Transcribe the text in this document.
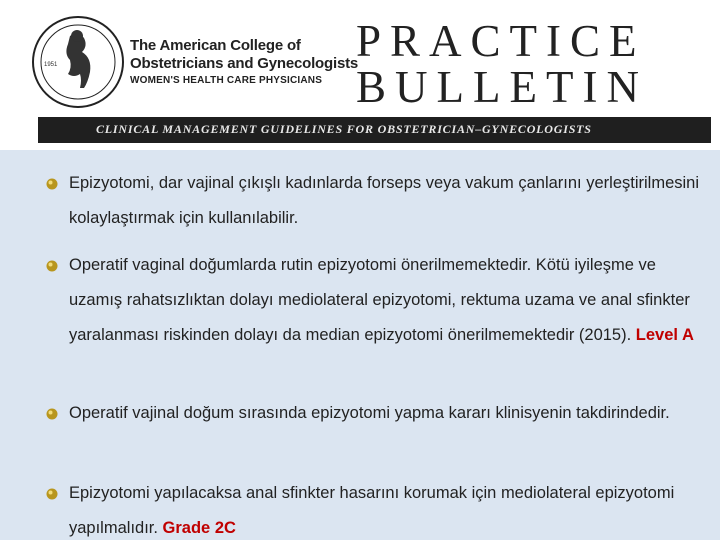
1951
The American College of
Obstetricians and Gynecologists
WOMEN'S HEALTH CARE PHYSICIANS
PRACTICE
BULLETIN
CLINICAL MANAGEMENT GUIDELINES FOR OBSTETRICIAN–GYNECOLOGISTS
Epizyotomi, dar vajinal çıkışlı kadınlarda forseps veya vakum çanlarını yerleştirilmesini kolaylaştırmak için kullanılabilir.
Operatif vaginal doğumlarda rutin epizyotomi önerilmemektedir. Kötü iyileşme ve uzamış rahatsızlıktan dolayı mediolateral epizyotomi, rektuma uzama ve anal sfinkter yaralanması riskinden dolayı da median epizyotomi önerilmemektedir (2015). Level A
Operatif vajinal doğum sırasında epizyotomi yapma kararı klinisyenin takdirindedir.
Epizyotomi yapılacaksa anal sfinkter hasarını korumak için mediolateral epizyotomi yapılmalıdır. Grade 2C
